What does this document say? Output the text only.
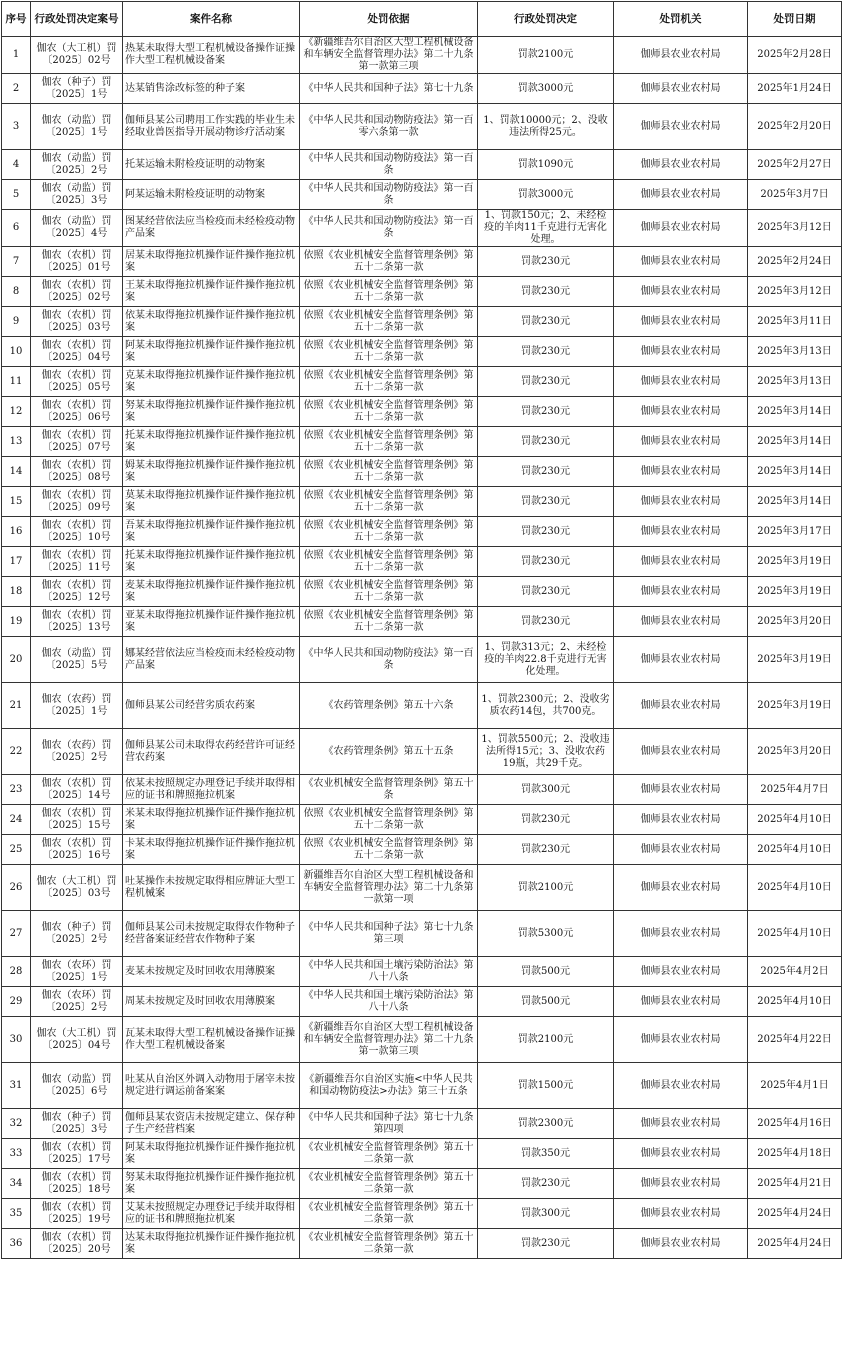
序号	行政处罚决定案号	案件名称	处罚依据	行政处罚决定	处罚机关	处罚日期
1	伽农（大工机）罚〔2025〕02号	热某未取得大型工程机械设备操作证操作大型工程机械设备案	《新疆维吾尔自治区大型工程机械设备和车辆安全监督管理办法》第二十九条第一款第三项	罚款2100元	伽师县农业农村局	2025年2月28日
2	伽农（种子）罚〔2025〕1号	达某销售涂改标签的种子案	《中华人民共和国种子法》第七十九条	罚款3000元	伽师县农业农村局	2025年1月24日
3	伽农（动监）罚〔2025〕1号	伽师县某公司聘用工作实践的毕业生未经取业兽医指导开展动物诊疗活动案	《中华人民共和国动物防疫法》第一百零六条第一款	1、罚款10000元；2、没收违法所得25元。	伽师县农业农村局	2025年2月20日
4	伽农（动监）罚〔2025〕2号	托某运输未附检疫证明的动物案	《中华人民共和国动物防疫法》第一百条	罚款1090元	伽师县农业农村局	2025年2月27日
5	伽农（动监）罚〔2025〕3号	阿某运输未附检疫证明的动物案	《中华人民共和国动物防疫法》第一百条	罚款3000元	伽师县农业农村局	2025年3月7日
6	伽农（动监）罚〔2025〕4号	图某经营依法应当检疫而未经检疫动物产品案	《中华人民共和国动物防疫法》第一百条	1、罚款150元；2、未经检疫的羊肉11千克进行无害化处理。	伽师县农业农村局	2025年3月12日
7	伽农（农机）罚〔2025〕01号	居某未取得拖拉机操作证件操作拖拉机案	依照《农业机械安全监督管理条例》第五十二条第一款	罚款230元	伽师县农业农村局	2025年2月24日
8	伽农（农机）罚〔2025〕02号	王某未取得拖拉机操作证件操作拖拉机案	依照《农业机械安全监督管理条例》第五十二条第一款	罚款230元	伽师县农业农村局	2025年3月12日
9	伽农（农机）罚〔2025〕03号	依某未取得拖拉机操作证件操作拖拉机案	依照《农业机械安全监督管理条例》第五十二条第一款	罚款230元	伽师县农业农村局	2025年3月11日
10	伽农（农机）罚〔2025〕04号	阿某未取得拖拉机操作证件操作拖拉机案	依照《农业机械安全监督管理条例》第五十二条第一款	罚款230元	伽师县农业农村局	2025年3月13日
11	伽农（农机）罚〔2025〕05号	克某未取得拖拉机操作证件操作拖拉机案	依照《农业机械安全监督管理条例》第五十二条第一款	罚款230元	伽师县农业农村局	2025年3月13日
12	伽农（农机）罚〔2025〕06号	努某未取得拖拉机操作证件操作拖拉机案	依照《农业机械安全监督管理条例》第五十二条第一款	罚款230元	伽师县农业农村局	2025年3月14日
13	伽农（农机）罚〔2025〕07号	托某未取得拖拉机操作证件操作拖拉机案	依照《农业机械安全监督管理条例》第五十二条第一款	罚款230元	伽师县农业农村局	2025年3月14日
14	伽农（农机）罚〔2025〕08号	姆某未取得拖拉机操作证件操作拖拉机案	依照《农业机械安全监督管理条例》第五十二条第一款	罚款230元	伽师县农业农村局	2025年3月14日
15	伽农（农机）罚〔2025〕09号	莫某未取得拖拉机操作证件操作拖拉机案	依照《农业机械安全监督管理条例》第五十二条第一款	罚款230元	伽师县农业农村局	2025年3月14日
16	伽农（农机）罚〔2025〕10号	吾某未取得拖拉机操作证件操作拖拉机案	依照《农业机械安全监督管理条例》第五十二条第一款	罚款230元	伽师县农业农村局	2025年3月17日
17	伽农（农机）罚〔2025〕11号	托某未取得拖拉机操作证件操作拖拉机案	依照《农业机械安全监督管理条例》第五十二条第一款	罚款230元	伽师县农业农村局	2025年3月19日
18	伽农（农机）罚〔2025〕12号	麦某未取得拖拉机操作证件操作拖拉机案	依照《农业机械安全监督管理条例》第五十二条第一款	罚款230元	伽师县农业农村局	2025年3月19日
19	伽农（农机）罚〔2025〕13号	亚某未取得拖拉机操作证件操作拖拉机案	依照《农业机械安全监督管理条例》第五十二条第一款	罚款230元	伽师县农业农村局	2025年3月20日
20	伽农（动监）罚〔2025〕5号	娜某经营依法应当检疫而未经检疫动物产品案	《中华人民共和国动物防疫法》第一百条	1、罚款313元；2、未经检疫的羊肉22.8千克进行无害化处理。	伽师县农业农村局	2025年3月19日
21	伽农（农药）罚〔2025〕1号	伽师县某公司经营劣质农药案	《农药管理条例》第五十六条	1、罚款2300元；2、没收劣质农药14包，共700克。	伽师县农业农村局	2025年3月19日
22	伽农（农药）罚〔2025〕2号	伽师县某公司未取得农药经营许可证经营农药案	《农药管理条例》第五十五条	1、罚款5500元；2、没收违法所得15元；3、没收农药19瓶，共29千克。	伽师县农业农村局	2025年3月20日
23	伽农（农机）罚〔2025〕14号	依某未按照规定办理登记手续并取得相应的证书和牌照拖拉机案	《农业机械安全监督管理条例》第五十条	罚款300元	伽师县农业农村局	2025年4月7日
24	伽农（农机）罚〔2025〕15号	米某未取得拖拉机操作证件操作拖拉机案	依照《农业机械安全监督管理条例》第五十二条第一款	罚款230元	伽师县农业农村局	2025年4月10日
25	伽农（农机）罚〔2025〕16号	卡某未取得拖拉机操作证件操作拖拉机案	依照《农业机械安全监督管理条例》第五十二条第一款	罚款230元	伽师县农业农村局	2025年4月10日
26	伽农（大工机）罚〔2025〕03号	吐某操作未按规定取得相应牌证大型工程机械案	新疆维吾尔自治区大型工程机械设备和车辆安全监督管理办法》第二十九条第一款第一项	罚款2100元	伽师县农业农村局	2025年4月10日
27	伽农（种子）罚〔2025〕2号	伽师县某公司未按规定取得农作物种子经营备案证经营农作物种子案	《中华人民共和国种子法》第七十九条第三项	罚款5300元	伽师县农业农村局	2025年4月10日
28	伽农（农环）罚〔2025〕1号	麦某未按规定及时回收农用薄膜案	《中华人民共和国土壤污染防治法》第八十八条	罚款500元	伽师县农业农村局	2025年4月2日
29	伽农（农环）罚〔2025〕2号	周某未按规定及时回收农用薄膜案	《中华人民共和国土壤污染防治法》第八十八条	罚款500元	伽师县农业农村局	2025年4月10日
30	伽农（大工机）罚〔2025〕04号	瓦某未取得大型工程机械设备操作证操作大型工程机械设备案	《新疆维吾尔自治区大型工程机械设备和车辆安全监督管理办法》第二十九条第一款第三项	罚款2100元	伽师县农业农村局	2025年4月22日
31	伽农（动监）罚〔2025〕6号	吐某从自治区外调入动物用于屠宰未按规定进行调运前备案案	《新疆维吾尔自治区实施<中华人民共和国动物防疫法>办法》第三十五条	罚款1500元	伽师县农业农村局	2025年4月1日
32	伽农（种子）罚〔2025〕3号	伽师县某农资店未按规定建立、保存种子生产经营档案	《中华人民共和国种子法》第七十九条第四项	罚款2300元	伽师县农业农村局	2025年4月16日
33	伽农（农机）罚〔2025〕17号	阿某未取得拖拉机操作证件操作拖拉机案	《农业机械安全监督管理条例》第五十二条第一款	罚款350元	伽师县农业农村局	2025年4月18日
34	伽农（农机）罚〔2025〕18号	努某未取得拖拉机操作证件操作拖拉机案	《农业机械安全监督管理条例》第五十二条第一款	罚款230元	伽师县农业农村局	2025年4月21日
35	伽农（农机）罚〔2025〕19号	艾某未按照规定办理登记手续并取得相应的证书和牌照拖拉机案	《农业机械安全监督管理条例》第五十二条第一款	罚款300元	伽师县农业农村局	2025年4月24日
36	伽农（农机）罚〔2025〕20号	达某未取得拖拉机操作证件操作拖拉机案	《农业机械安全监督管理条例》第五十二条第一款	罚款230元	伽师县农业农村局	2025年4月24日
